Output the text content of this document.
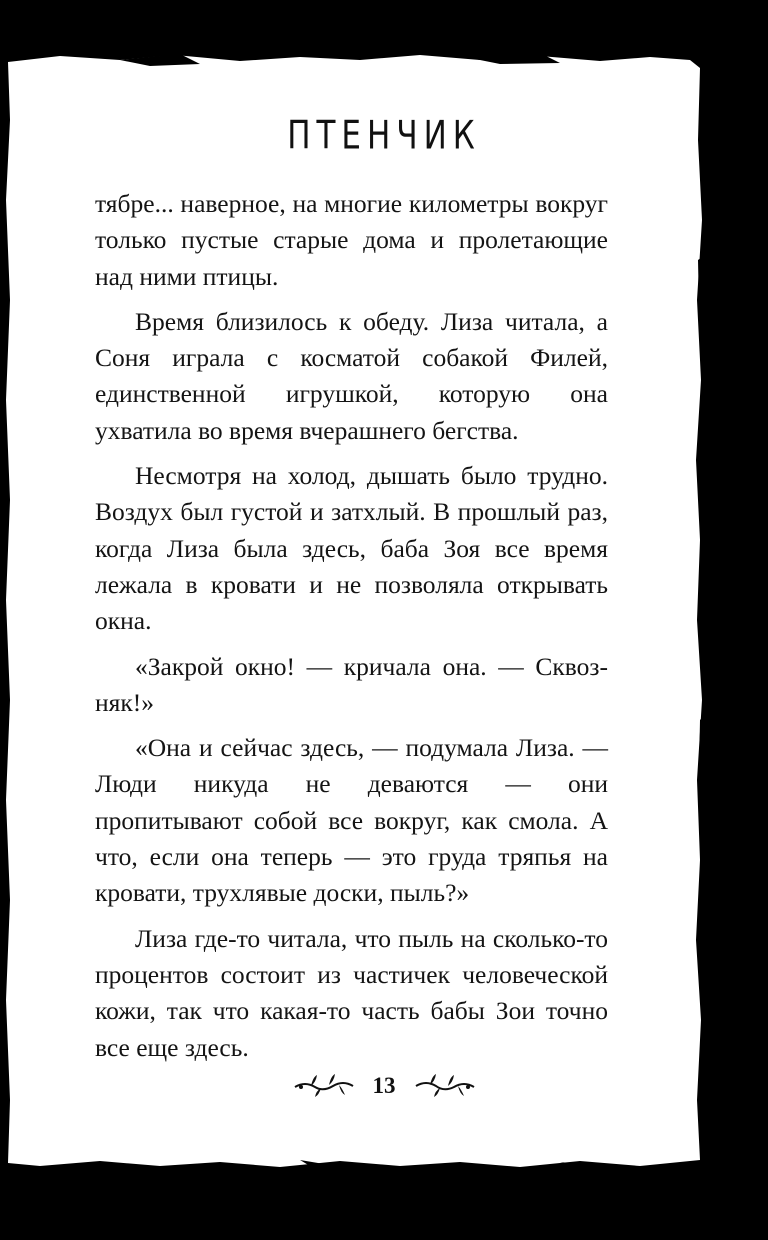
ПТЕНЧИК

тябре... наверное, на многие километры вокруг только пустые старые дома и пролетающие над ними птицы.

Время близилось к обеду. Лиза читала, а Соня играла с косматой собакой Филей, единственной игрушкой, которую она ухватила во время вчерашнего бегства.

Несмотря на холод, дышать было трудно. Воздух был густой и затхлый. В прошлый раз, когда Лиза была здесь, баба Зоя все время лежала в кровати и не позволяла открывать окна.

«Закрой окно! — кричала она. — Сквозняк!»

«Она и сейчас здесь, — подумала Лиза. — Люди никуда не деваются — они пропитывают собой все вокруг, как смола. А что, если она теперь — это груда тряпья на кровати, трухлявые доски, пыль?»

Лиза где-то читала, что пыль на сколько-то процентов состоит из частичек человеческой кожи, так что какая-то часть бабы Зои точно все еще здесь.

13
